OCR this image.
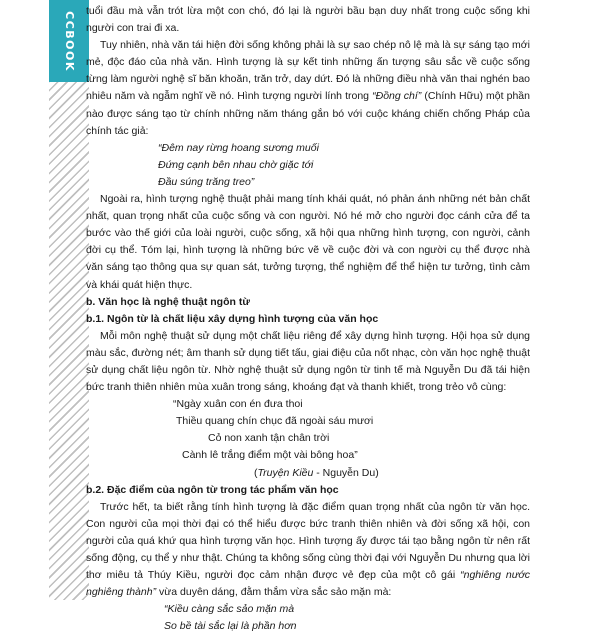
CCBOOK tuổi đầu mà vẫn trót lừa một con chó, đó lại là người bầu bạn duy nhất trong cuộc sống khi người con trai đi xa.

Tuy nhiên, nhà văn tái hiện đời sống không phải là sự sao chép nô lệ mà là sự sáng tạo mới mẻ, độc đáo của nhà văn. Hình tượng là sự kết tinh những ấn tượng sâu sắc về cuộc sống từng làm người nghệ sĩ băn khoăn, trăn trở, day dứt. Đó là những điều nhà văn thai nghén bao nhiêu năm và ngẫm nghĩ về nó. Hình tượng người lính trong “Đồng chí” (Chính Hữu) một phần nào được sáng tạo từ chính những năm tháng gắn bó với cuộc kháng chiến chống Pháp của chính tác giả:

“Đêm nay rừng hoang sương muối
Đứng cạnh bên nhau chờ giặc tới
Đầu súng trăng treo”

Ngoài ra, hình tượng nghệ thuật phải mang tính khái quát, nó phản ánh những nét bản chất nhất, quan trọng nhất của cuộc sống và con người. Nó hé mở cho người đọc cánh cửa để ta bước vào thế giới của loài người, cuộc sống, xã hội qua những hình tượng, con người, cảnh đời cụ thể. Tóm lại, hình tượng là những bức vẽ về cuộc đời và con người cụ thể được nhà văn sáng tạo thông qua sự quan sát, tưởng tượng, thể nghiệm để thể hiện tư tưởng, tình cảm và khái quát hiện thực.

b. Văn học là nghệ thuật ngôn từ

b.1. Ngôn từ là chất liệu xây dựng hình tượng của văn học

Mỗi môn nghệ thuật sử dụng một chất liệu riêng để xây dựng hình tượng. Hội họa sử dụng màu sắc, đường nét; âm thanh sử dụng tiết tấu, giai điệu của nốt nhạc, còn văn học nghệ thuật sử dụng chất liệu ngôn từ. Nhờ nghệ thuật sử dụng ngôn từ tinh tế mà Nguyễn Du đã tái hiện bức tranh thiên nhiên mùa xuân trong sáng, khoáng đạt và thanh khiết, trong trẻo vô cùng:

“Ngày xuân con én đưa thoi
Thiều quang chín chục đã ngoài sáu mươi
Cỏ non xanh tận chân trời
Cành lê trắng điểm một vài bông hoa”
(Truyện Kiều - Nguyễn Du)

b.2. Đặc điểm của ngôn từ trong tác phẩm văn học

Trước hết, ta biết rằng tính hình tượng là đặc điểm quan trọng nhất của ngôn từ văn học. Con người của mọi thời đại có thể hiểu được bức tranh thiên nhiên và đời sống xã hội, con người của quá khứ qua hình tượng văn học. Hình tượng ấy được tái tạo bằng ngôn từ nên rất sống động, cụ thể y như thật. Chúng ta không sống cùng thời đại với Nguyễn Du nhưng qua lời thơ miêu tả Thúy Kiều, người đọc cảm nhận được vẻ đẹp của một cô gái “nghiêng nước nghiêng thành” vừa duyên dáng, đằm thắm vừa sắc sảo mặn mà:

“Kiều càng sắc sảo mặn mà
So bề tài sắc lại là phần hơn
